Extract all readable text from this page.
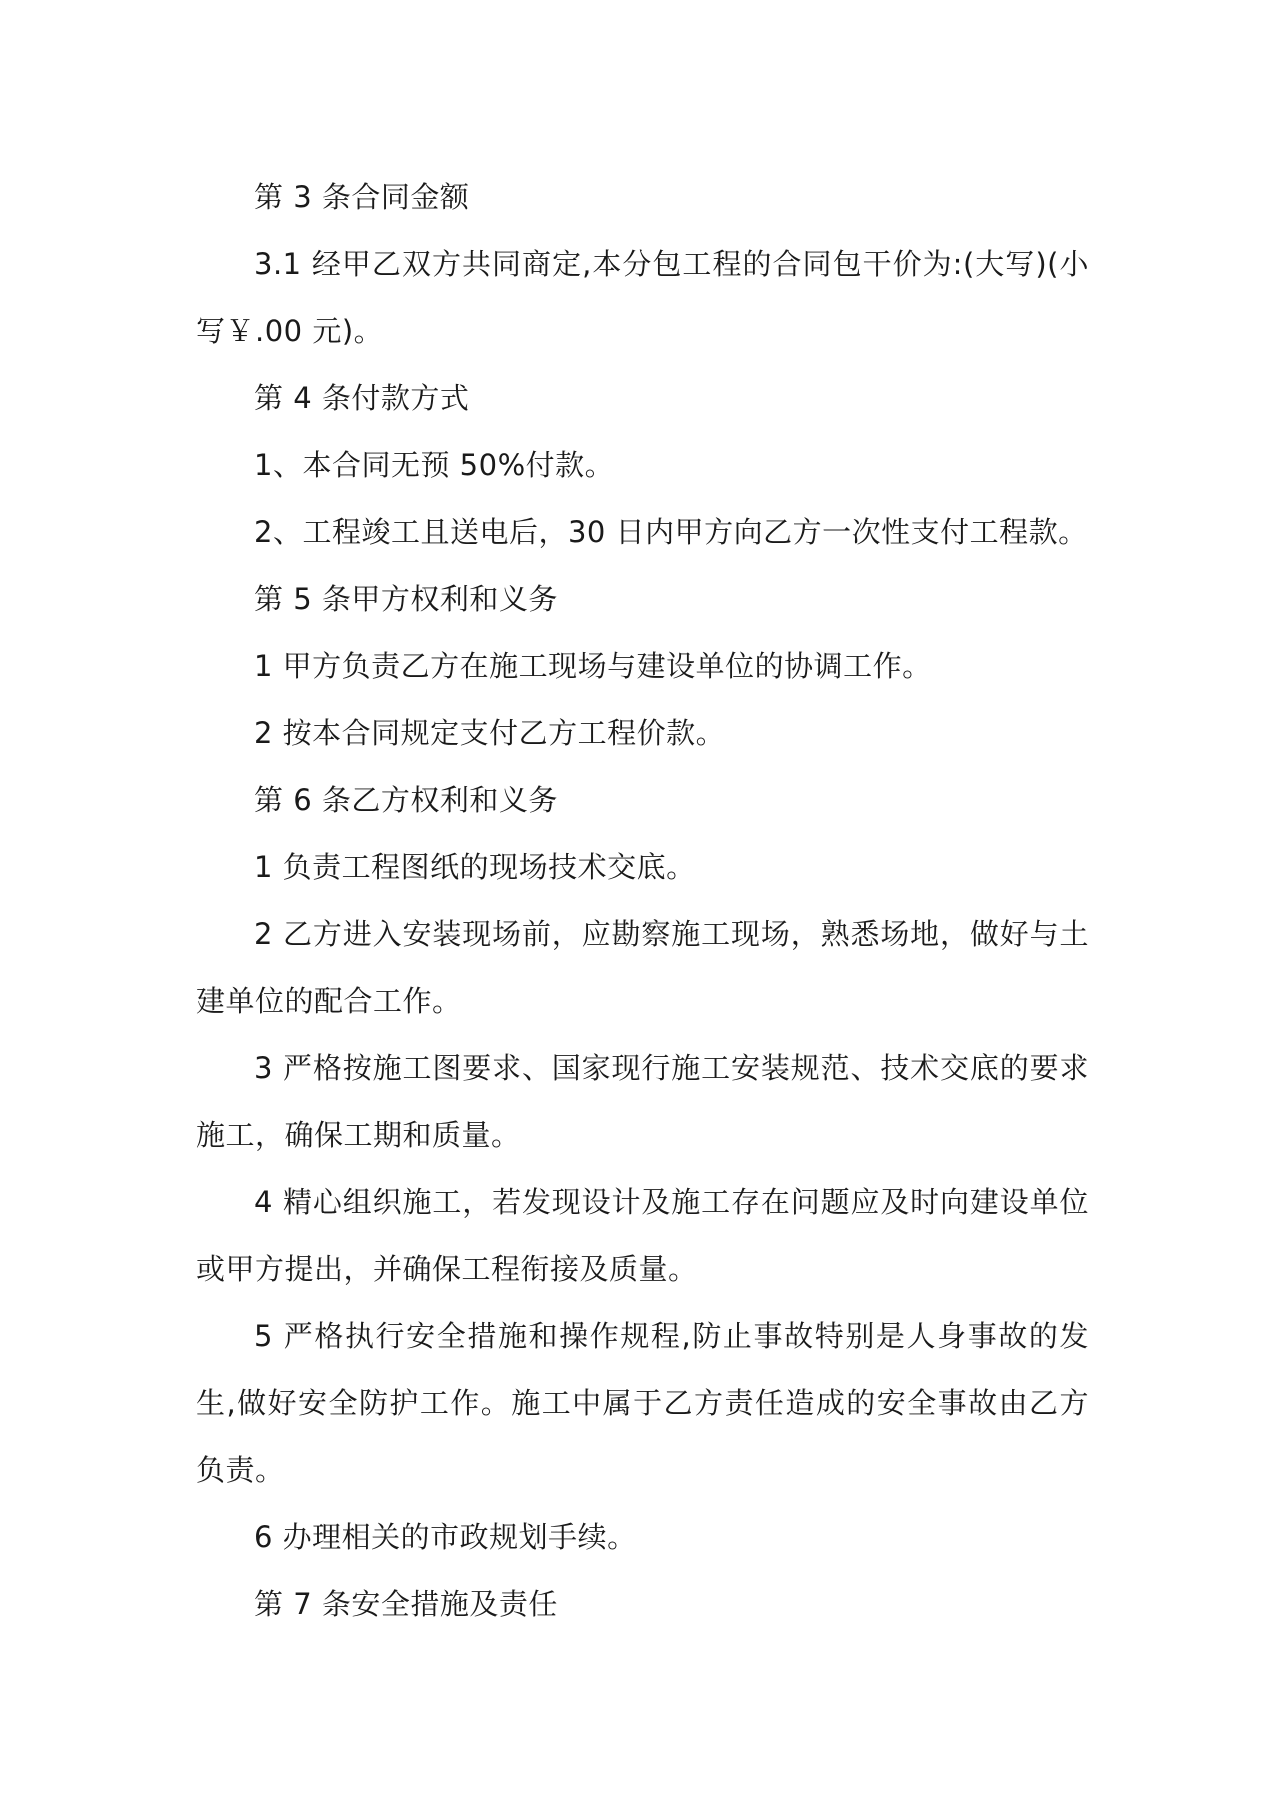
第 3 条合同金额

3.1 经甲乙双方共同商定,本分包工程的合同包干价为:(大写)(小写￥.00 元)。

第 4 条付款方式

1、本合同无预 50%付款。

2、工程竣工且送电后，30 日内甲方向乙方一次性支付工程款。

第 5 条甲方权利和义务

1 甲方负责乙方在施工现场与建设单位的协调工作。

2 按本合同规定支付乙方工程价款。

第 6 条乙方权利和义务

1 负责工程图纸的现场技术交底。

2 乙方进入安装现场前，应勘察施工现场，熟悉场地，做好与土建单位的配合工作。

3 严格按施工图要求、国家现行施工安装规范、技术交底的要求施工，确保工期和质量。

4 精心组织施工，若发现设计及施工存在问题应及时向建设单位或甲方提出，并确保工程衔接及质量。

5 严格执行安全措施和操作规程,防止事故特别是人身事故的发生,做好安全防护工作。施工中属于乙方责任造成的安全事故由乙方负责。

6 办理相关的市政规划手续。

第 7 条安全措施及责任
